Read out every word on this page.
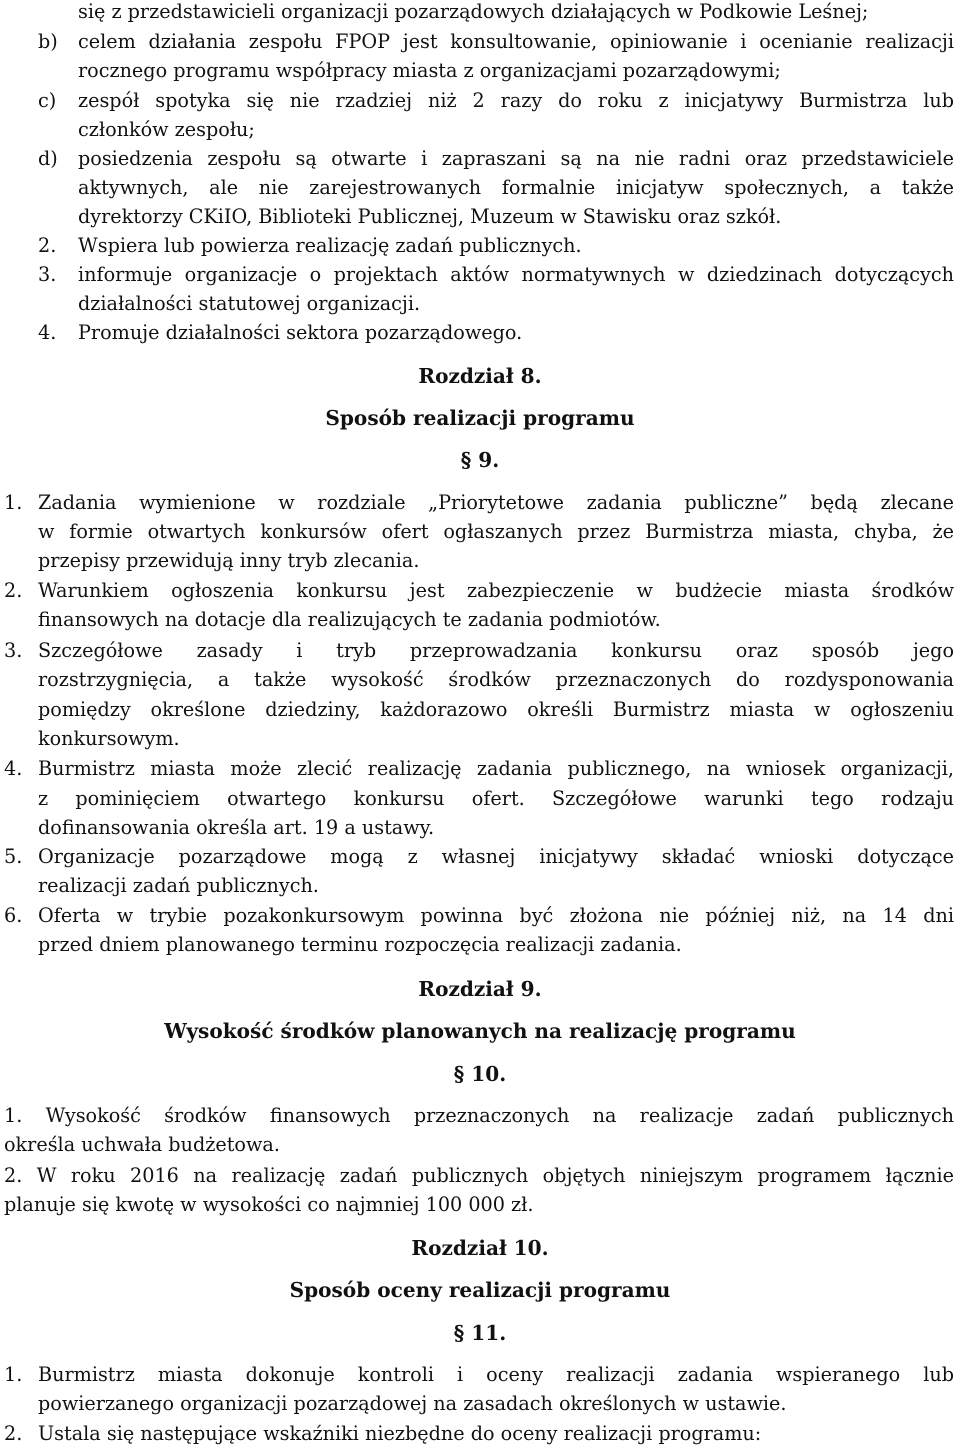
się z przedstawicieli organizacji pozarządowych działających w Podkowie Leśnej;
b) celem działania zespołu FPOP jest konsultowanie, opiniowanie i ocenianie realizacji
rocznego programu współpracy miasta z organizacjami pozarządowymi;
c) zespół spotyka się nie rzadziej niż 2 razy do roku z inicjatywy Burmistrza lub
członków zespołu;
d) posiedzenia zespołu są otwarte i zapraszani są na nie radni oraz przedstawiciele
aktywnych, ale nie zarejestrowanych formalnie inicjatyw społecznych, a także
dyrektorzy CKiIO, Biblioteki Publicznej, Muzeum w Stawisku oraz szkół.
2. Wspiera lub powierza realizację zadań publicznych.
3. informuje organizacje o projektach aktów normatywnych w dziedzinach dotyczących
działalności statutowej organizacji.
4. Promuje działalności sektora pozarządowego.
Rozdział 8.
Sposób realizacji programu
§ 9.
1. Zadania wymienione w rozdziale „Priorytetowe zadania publiczne” będą zlecane
w formie otwartych konkursów ofert ogłaszanych przez Burmistrza miasta, chyba, że
przepisy przewidują inny tryb zlecania.
2. Warunkiem ogłoszenia konkursu jest zabezpieczenie w budżecie miasta środków
finansowych na dotacje dla realizujących te zadania podmiotów.
3. Szczegółowe zasady i tryb przeprowadzania konkursu oraz sposób jego
rozstrzygnięcia, a także wysokość środków przeznaczonych do rozdysponowania
pomiędzy określone dziedziny, każdorazowo określi Burmistrz miasta w ogłoszeniu
konkursowym.
4. Burmistrz miasta może zlecić realizację zadania publicznego, na wniosek organizacji,
z pominięciem otwartego konkursu ofert. Szczegółowe warunki tego rodzaju
dofinansowania określa art. 19 a ustawy.
5. Organizacje pozarządowe mogą z własnej inicjatywy składać wnioski dotyczące
realizacji zadań publicznych.
6. Oferta w trybie pozakonkursowym powinna być złożona nie później niż, na 14 dni
przed dniem planowanego terminu rozpoczęcia realizacji zadania.
Rozdział 9.
Wysokość środków planowanych na realizację programu
§ 10.
1. Wysokość środków finansowych przeznaczonych na realizacje zadań publicznych
określa uchwała budżetowa.
2. W roku 2016 na realizację zadań publicznych objętych niniejszym programem łącznie
planuje się kwotę w wysokości co najmniej 100 000 zł.
Rozdział 10.
Sposób oceny realizacji programu
§ 11.
1. Burmistrz miasta dokonuje kontroli i oceny realizacji zadania wspieranego lub
powierzanego organizacji pozarządowej na zasadach określonych w ustawie.
2. Ustala się następujące wskaźniki niezbędne do oceny realizacji programu:
